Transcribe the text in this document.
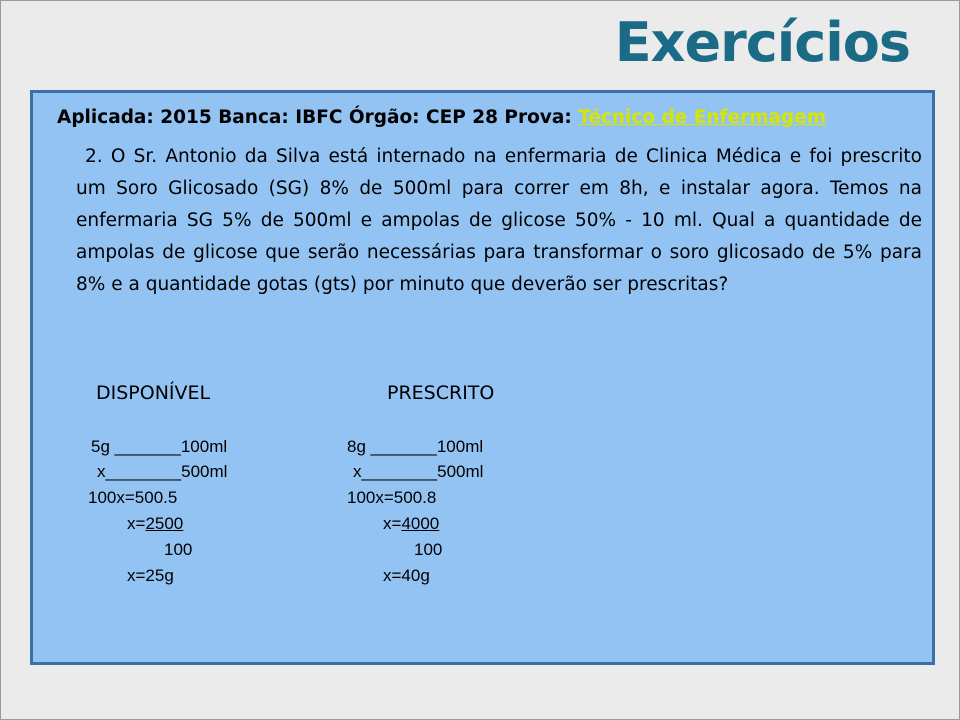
Exercícios
Aplicada: 2015 Banca: IBFC Órgão: CEP 28 Prova: Técnico de Enfermagem

2. O Sr. Antonio da Silva está internado na enfermaria de Clinica Médica e foi prescrito um Soro Glicosado (SG) 8% de 500ml para correr em 8h, e instalar agora. Temos na enfermaria SG 5% de 500ml e ampolas de glicose 50% - 10 ml. Qual a quantidade de ampolas de glicose que serão necessárias para transformar o soro glicosado de 5% para 8% e a quantidade gotas (gts) por minuto que deverão ser prescritas?

DISPONÍVEL	PRESCRITO
5g _______100ml
x________500ml
100x=500.5
x=2500
100
x=25g
8g _______100ml
x________500ml
100x=500.8
x=4000
100
x=40g
